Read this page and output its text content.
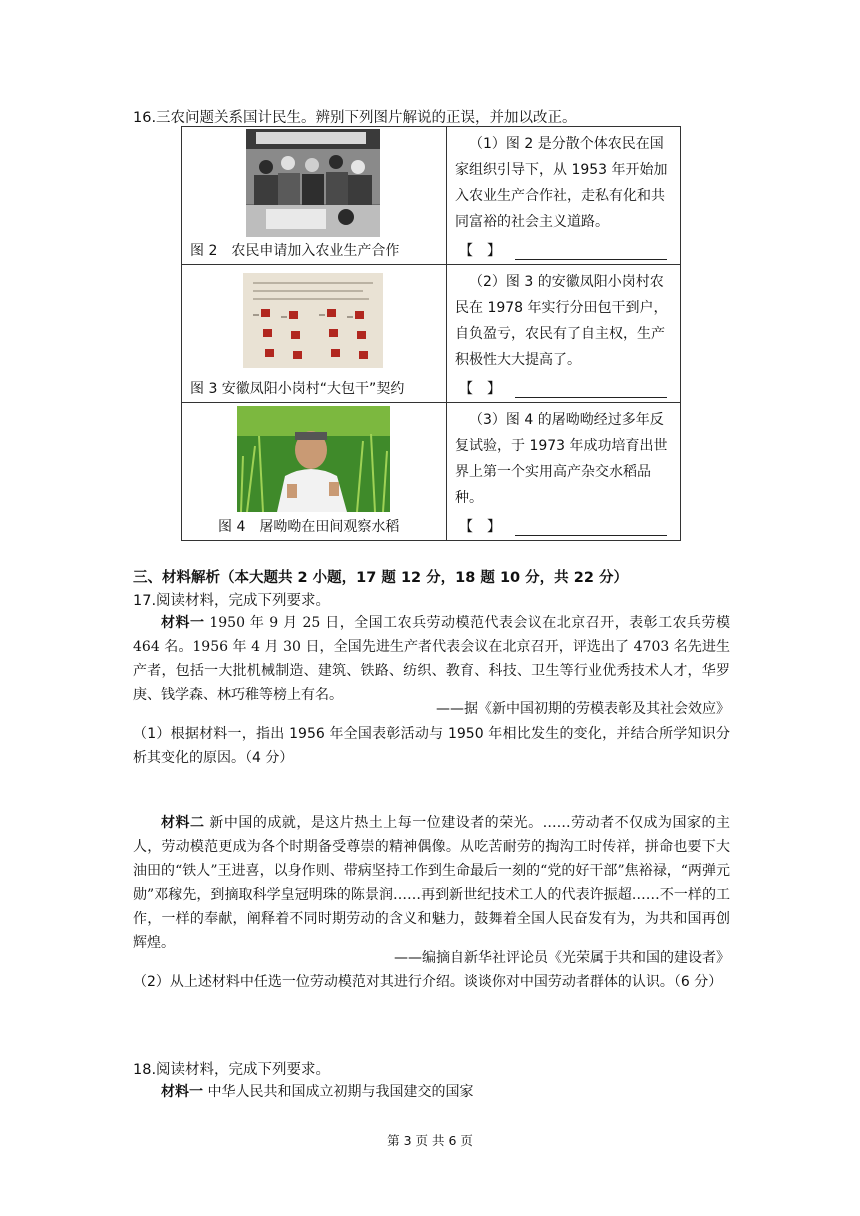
16.三农问题关系国计民生。辨别下列图片解说的正误，并加以改正。
图 2　农民申请加入农业生产合作	（1）图 2 是分散个体农民在国家组织引导下，从 1953 年开始加入农业生产合作社，走私有化和共同富裕的社会主义道路。
【　】

图 3 安徽凤阳小岗村“大包干”契约	（2）图 3 的安徽凤阳小岗村农民在 1978 年实行分田包干到户，自负盈亏，农民有了自主权，生产积极性大大提高了。
【　】

图 4　屠呦呦在田间观察水稻	（3）图 4 的屠呦呦经过多年反复试验，于 1973 年成功培育出世界上第一个实用高产杂交水稻品种。
【　】
三、材料解析（本大题共 2 小题，17 题 12 分，18 题 10 分，共 22 分）
17.阅读材料，完成下列要求。
材料一 1950 年 9 月 25 日，全国工农兵劳动模范代表会议在北京召开，表彰工农兵劳模 464 名。1956 年 4 月 30 日，全国先进生产者代表会议在北京召开，评选出了 4703 名先进生产者，包括一大批机械制造、建筑、铁路、纺织、教育、科技、卫生等行业优秀技术人才，华罗庚、钱学森、林巧稚等榜上有名。
——据《新中国初期的劳模表彰及其社会效应》
（1）根据材料一，指出 1956 年全国表彰活动与 1950 年相比发生的变化，并结合所学知识分析其变化的原因。（4 分）
材料二 新中国的成就，是这片热土上每一位建设者的荣光。……劳动者不仅成为国家的主人，劳动模范更成为各个时期备受尊崇的精神偶像。从吃苦耐劳的掏沟工时传祥，拼命也要下大油田的“铁人”王进喜，以身作则、带病坚持工作到生命最后一刻的“党的好干部”焦裕禄，“两弹元勋”邓稼先，到摘取科学皇冠明珠的陈景润……再到新世纪技术工人的代表许振超……不一样的工作，一样的奉献，阐释着不同时期劳动的含义和魅力，鼓舞着全国人民奋发有为，为共和国再创辉煌。
——编摘自新华社评论员《光荣属于共和国的建设者》
（2）从上述材料中任选一位劳动模范对其进行介绍。谈谈你对中国劳动者群体的认识。（6 分）
18.阅读材料，完成下列要求。
材料一 中华人民共和国成立初期与我国建交的国家
第 3 页 共 6 页
